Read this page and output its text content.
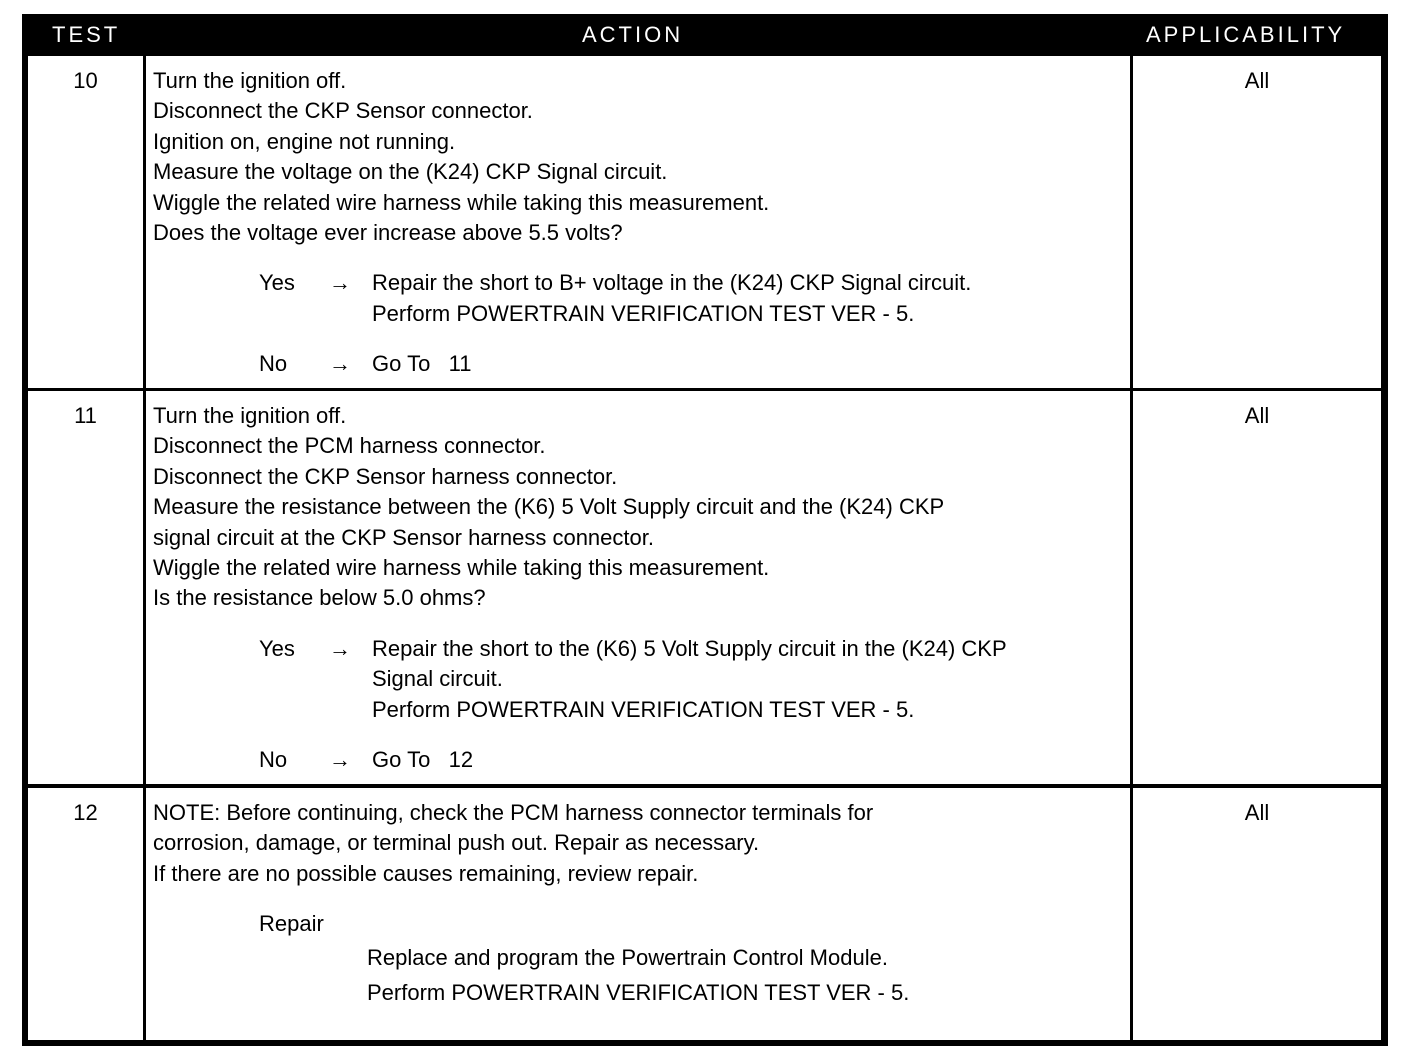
TEST	ACTION	APPLICABILITY
10	Turn the ignition off.
Disconnect the CKP Sensor connector.
Ignition on, engine not running.
Measure the voltage on the (K24) CKP Signal circuit.
Wiggle the related wire harness while taking this measurement.
Does the voltage ever increase above 5.5 volts?
Yes → Repair the short to B+ voltage in the (K24) CKP Signal circuit.
Perform POWERTRAIN VERIFICATION TEST VER - 5.
No → Go To   11
All
11	Turn the ignition off.
Disconnect the PCM harness connector.
Disconnect the CKP Sensor harness connector.
Measure the resistance between the (K6) 5 Volt Supply circuit and the (K24) CKP
signal circuit at the CKP Sensor harness connector.
Wiggle the related wire harness while taking this measurement.
Is the resistance below 5.0 ohms?
Yes → Repair the short to the (K6) 5 Volt Supply circuit in the (K24) CKP
Signal circuit.
Perform POWERTRAIN VERIFICATION TEST VER - 5.
No → Go To   12
All
12	NOTE: Before continuing, check the PCM harness connector terminals for
corrosion, damage, or terminal push out. Repair as necessary.
If there are no possible causes remaining, review repair.
Repair
Replace and program the Powertrain Control Module.
Perform POWERTRAIN VERIFICATION TEST VER - 5.
All
